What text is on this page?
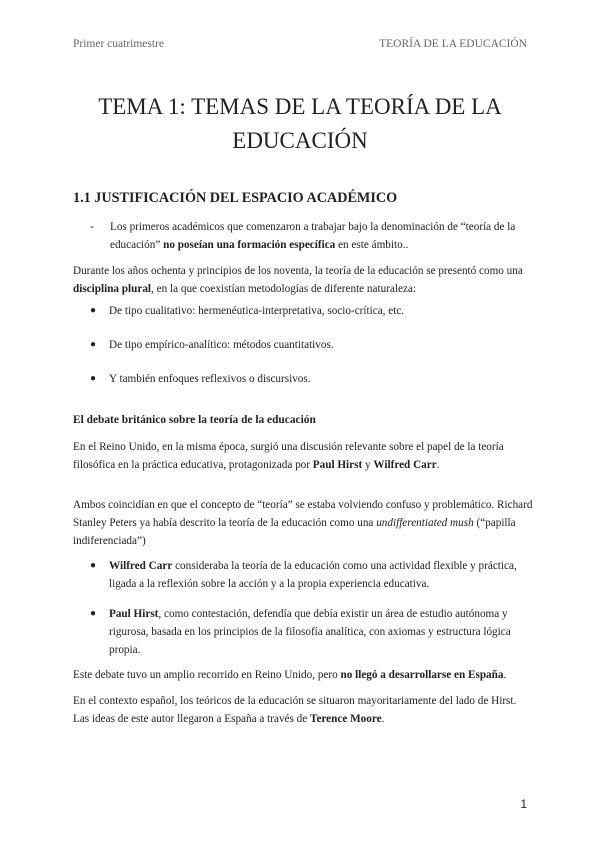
Primer cuatrimestre	TEORÍA DE LA EDUCACIÓN
TEMA 1: TEMAS DE LA TEORÍA DE LA
EDUCACIÓN
1.1 JUSTIFICACIÓN DEL ESPACIO ACADÉMICO
-	Los primeros académicos que comenzaron a trabajar bajo la denominación de “teoría de la educación” no poseían una formación específica en este ámbito..
Durante los años ochenta y principios de los noventa, la teoría de la educación se presentó como una disciplina plural, en la que coexistían metodologías de diferente naturaleza:
●	De tipo cualitativo: hermenéutica-interpretativa, socio-crítica, etc.
●	De tipo empírico-analítico: métodos cuantitativos.
●	Y también enfoques reflexivos o discursivos.
El debate británico sobre la teoría de la educación
En el Reino Unido, en la misma época, surgió una discusión relevante sobre el papel de la teoría filosófica en la práctica educativa, protagonizada por Paul Hirst y Wilfred Carr.
Ambos coincidían en que el concepto de “teoría” se estaba volviendo confuso y problemático. Richard Stanley Peters ya había descrito la teoría de la educación como una undifferentiated mush (“papilla indiferenciada”)
●	Wilfred Carr consideraba la teoría de la educación como una actividad flexible y práctica, ligada a la reflexión sobre la acción y a la propia experiencia educativa.
●	Paul Hirst, como contestación, defendía que debía existir un área de estudio autónoma y rigurosa, basada en los principios de la filosofía analítica, con axiomas y estructura lógica propia.
Este debate tuvo un amplio recorrido en Reino Unido, pero no llegó a desarrollarse en España.
En el contexto español, los teóricos de la educación se situaron mayoritariamente del lado de Hirst. Las ideas de este autor llegaron a España a través de Terence Moore.
1
